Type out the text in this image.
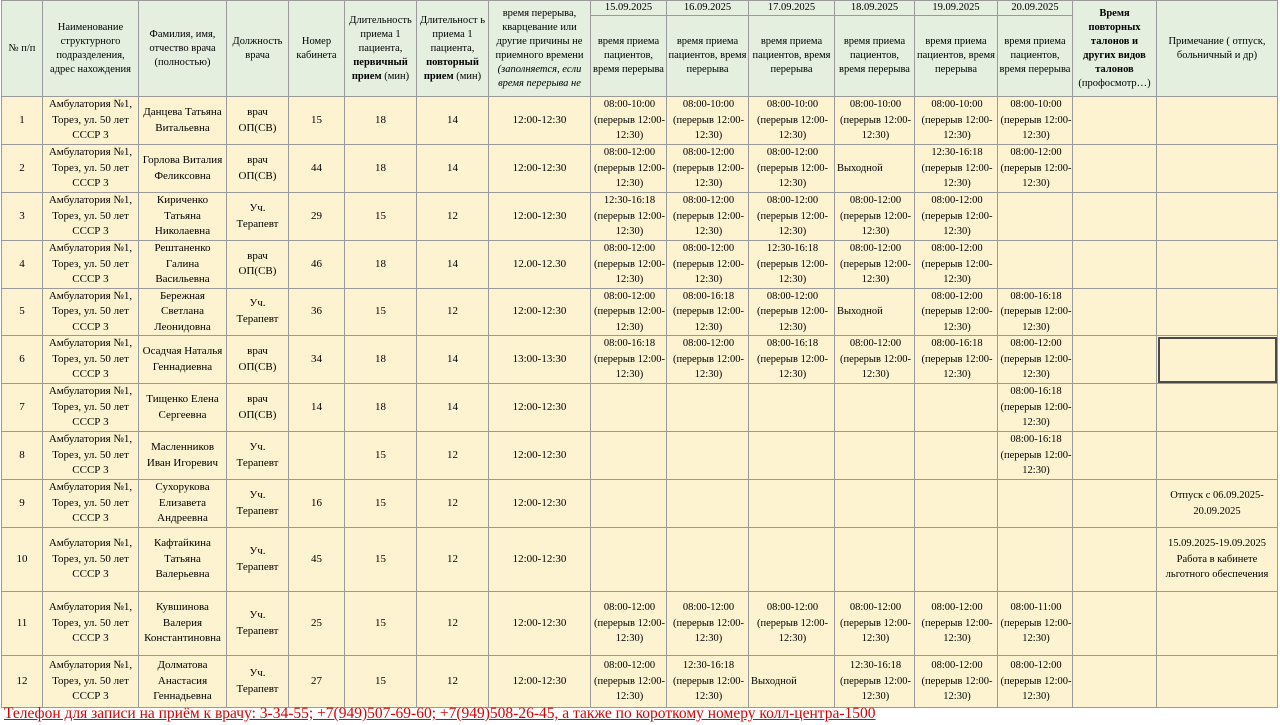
№ п/п	Наименование структурного подразделения, адрес нахождения	Фамилия, имя, отчество врача (полностью)	Должность врача	Номер кабинета	Длительность приема 1 пациента, первичный прием (мин)	Длительност ь приема 1 пациента, повторный прием (мин)	время перерыва, кварцевание или другие причины не приемного времени (заполняется, если время перерыва не	15.09.2025	16.09.2025	17.09.2025	18.09.2025	19.09.2025	20.09.2025	Время повторных талонов и других видов талонов (профосмотр…)	Примечание ( отпуск, больничный и др)
								время приема пациентов, время перерыва	время приема пациентов, время перерыва	время приема пациентов, время перерыва	время приема пациентов, время перерыва	время приема пациентов, время перерыва	время приема пациентов, время перерыва		
1	Амбулатория №1, Торез, ул. 50 лет СССР 3	Данцева Татьяна Витальевна	врач ОП(СВ)	15	18	14	12:00-12:30	08:00-10:00 (перерыв 12:00-12:30)	08:00-10:00 (перерыв 12:00-12:30)	08:00-10:00 (перерыв 12:00-12:30)	08:00-10:00 (перерыв 12:00-12:30)	08:00-10:00 (перерыв 12:00-12:30)	08:00-10:00 (перерыв 12:00-12:30)		

2	Амбулатория №1, Торез, ул. 50 лет СССР 3	Горлова Виталия Феликсовна	врач ОП(СВ)	44	18	14	12:00-12:30	08:00-12:00 (перерыв 12:00-12:30)	08:00-12:00 (перерыв 12:00-12:30)	08:00-12:00 (перерыв 12:00-12:30)	Выходной	12:30-16:18 (перерыв 12:00-12:30)	08:00-12:00 (перерыв 12:00-12:30)		

3	Амбулатория №1, Торез, ул. 50 лет СССР 3	Кириченко Татьяна Николаевна	Уч. Терапевт	29	15	12	12:00-12:30	12:30-16:18 (перерыв 12:00-12:30)	08:00-12:00 (перерыв 12:00-12:30)	08:00-12:00 (перерыв 12:00-12:30)	08:00-12:00 (перерыв 12:00-12:30)	08:00-12:00 (перерыв 12:00-12:30)			

4	Амбулатория №1, Торез, ул. 50 лет СССР 3	Рештаненко Галина Васильевна	врач ОП(СВ)	46	18	14	12.00-12.30	08:00-12:00 (перерыв 12:00-12:30)	08:00-12:00 (перерыв 12:00-12:30)	12:30-16:18 (перерыв 12:00-12:30)	08:00-12:00 (перерыв 12:00-12:30)	08:00-12:00 (перерыв 12:00-12:30)			

5	Амбулатория №1, Торез, ул. 50 лет СССР 3	Бережная Светлана Леонидовна	Уч. Терапевт	36	15	12	12:00-12:30	08:00-12:00 (перерыв 12:00-12:30)	08:00-16:18 (перерыв 12:00-12:30)	08:00-12:00 (перерыв 12:00-12:30)	Выходной	08:00-12:00 (перерыв 12:00-12:30)	08:00-16:18 (перерыв 12:00-12:30)		

6	Амбулатория №1, Торез, ул. 50 лет СССР 3	Осадчая Наталья Геннадиевна	врач ОП(СВ)	34	18	14	13:00-13:30	08:00-16:18 (перерыв 12:00-12:30)	08:00-12:00 (перерыв 12:00-12:30)	08:00-16:18 (перерыв 12:00-12:30)	08:00-12:00 (перерыв 12:00-12:30)	08:00-16:18 (перерыв 12:00-12:30)	08:00-12:00 (перерыв 12:00-12:30)		

7	Амбулатория №1, Торез, ул. 50 лет СССР 3	Тищенко Елена Сергеевна	врач ОП(СВ)	14	18	14	12:00-12:30						08:00-16:18 (перерыв 12:00-12:30)		

8	Амбулатория №1, Торез, ул. 50 лет СССР 3	Масленников Иван Игоревич	Уч. Терапевт		15	12	12:00-12:30						08:00-16:18 (перерыв 12:00-12:30)		

9	Амбулатория №1, Торез, ул. 50 лет СССР 3	Сухорукова Елизавета Андреевна	Уч. Терапевт	16	15	12	12:00-12:30								Отпуск с 06.09.2025-20.09.2025
10	Амбулатория №1, Торез, ул. 50 лет СССР 3	Кафтайкина Татьяна Валерьевна	Уч. Терапевт	45	15	12	12:00-12:30								15.09.2025-19.09.2025 Работа в кабинете льготного обеспечения
11	Амбулатория №1, Торез, ул. 50 лет СССР 3	Кувшинова Валерия Константиновна	Уч. Терапевт	25	15	12	12:00-12:30	08:00-12:00 (перерыв 12:00-12:30)	08:00-12:00 (перерыв 12:00-12:30)	08:00-12:00 (перерыв 12:00-12:30)	08:00-12:00 (перерыв 12:00-12:30)	08:00-12:00 (перерыв 12:00-12:30)	08:00-11:00 (перерыв 12:00-12:30)		

12	Амбулатория №1, Торез, ул. 50 лет СССР 3	Долматова Анастасия Геннадьевна	Уч. Терапевт	27	15	12	12:00-12:30	08:00-12:00 (перерыв 12:00-12:30)	12:30-16:18 (перерыв 12:00-12:30)	Выходной	12:30-16:18 (перерыв 12:00-12:30)	08:00-12:00 (перерыв 12:00-12:30)	08:00-12:00 (перерыв 12:00-12:30)		

Телефон для записи на приём к врачу: 3-34-55; +7(949)507-69-60; +7(949)508-26-45, а также по короткому номеру колл-центра-1500
